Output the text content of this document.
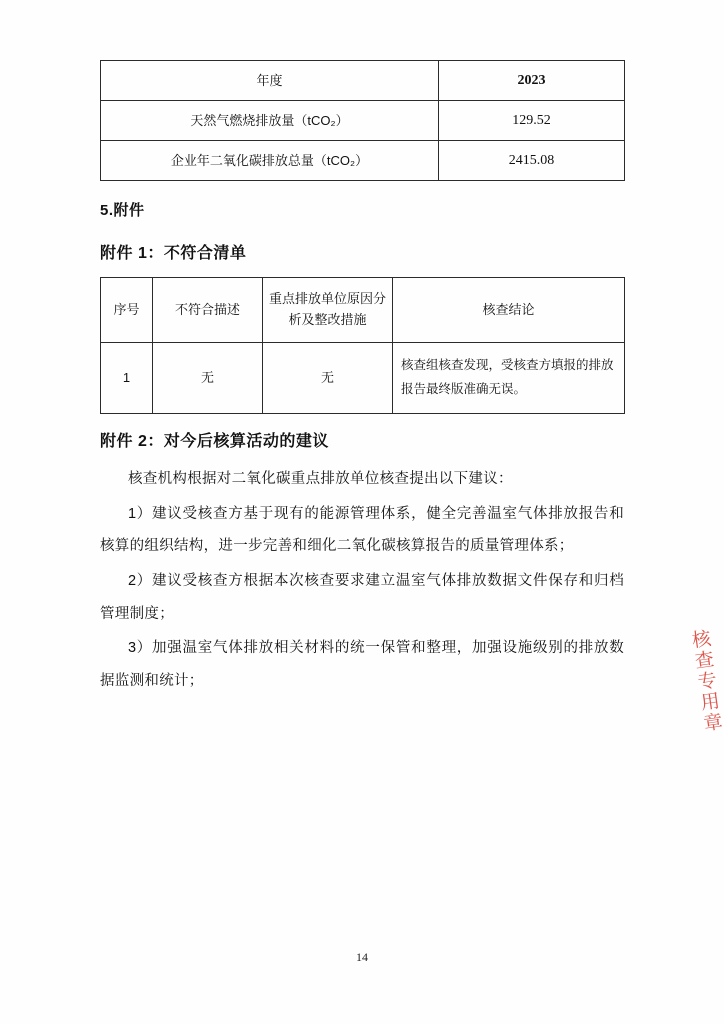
年度	2023
天然气燃烧排放量（tCO₂）	129.52
企业年二氧化碳排放总量（tCO₂）	2415.08
5.附件
附件 1：不符合清单
序号	不符合描述	重点排放单位原因分析及整改措施	核查结论
1	无	无	核查组核查发现，受核查方填报的排放报告最终版准确无误。
附件 2：对今后核算活动的建议

核查机构根据对二氧化碳重点排放单位核查提出以下建议：

1）建议受核查方基于现有的能源管理体系，健全完善温室气体排放报告和核算的组织结构，进一步完善和细化二氧化碳核算报告的质量管理体系；

2）建议受核查方根据本次核查要求建立温室气体排放数据文件保存和归档管理制度；

3）加强温室气体排放相关材料的统一保管和整理，加强设施级别的排放数据监测和统计；	核查专用章
14
